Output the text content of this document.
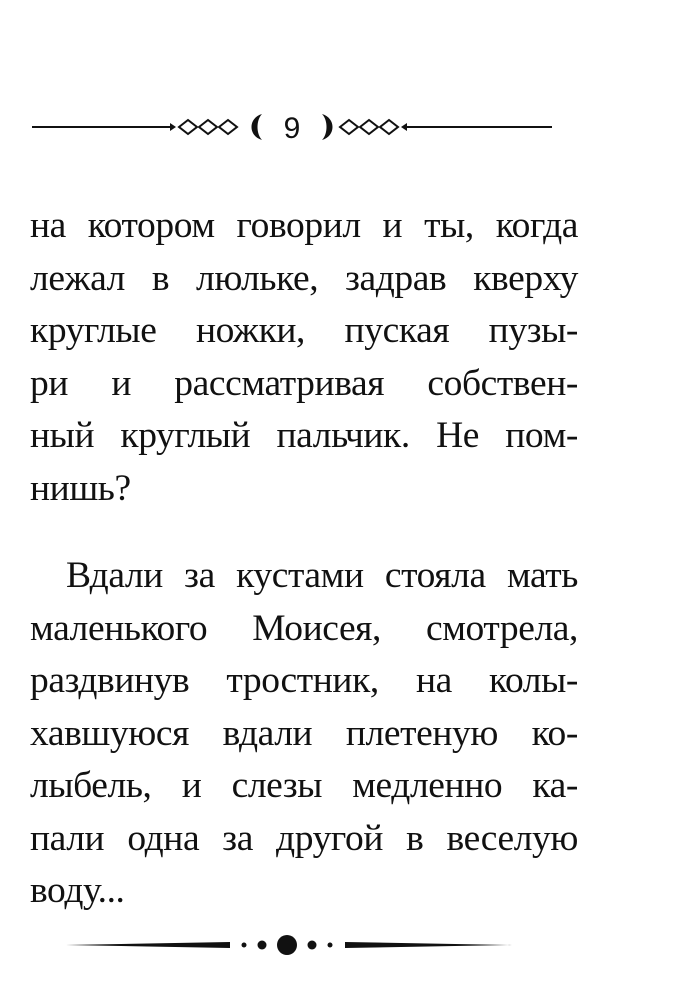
9
на котором говорил и ты, когда
лежал в люльке, задрав кверху
круглые ножки, пуская пузы-
ри и рассматривая собствен-
ный круглый пальчик. Не пом-
нишь?
Вдали за кустами стояла мать
маленького Моисея, смотрела,
раздвинув тростник, на колы-
хавшуюся вдали плетеную ко-
лыбель, и слезы медленно ка-
пали одна за другой в веселую
воду...
